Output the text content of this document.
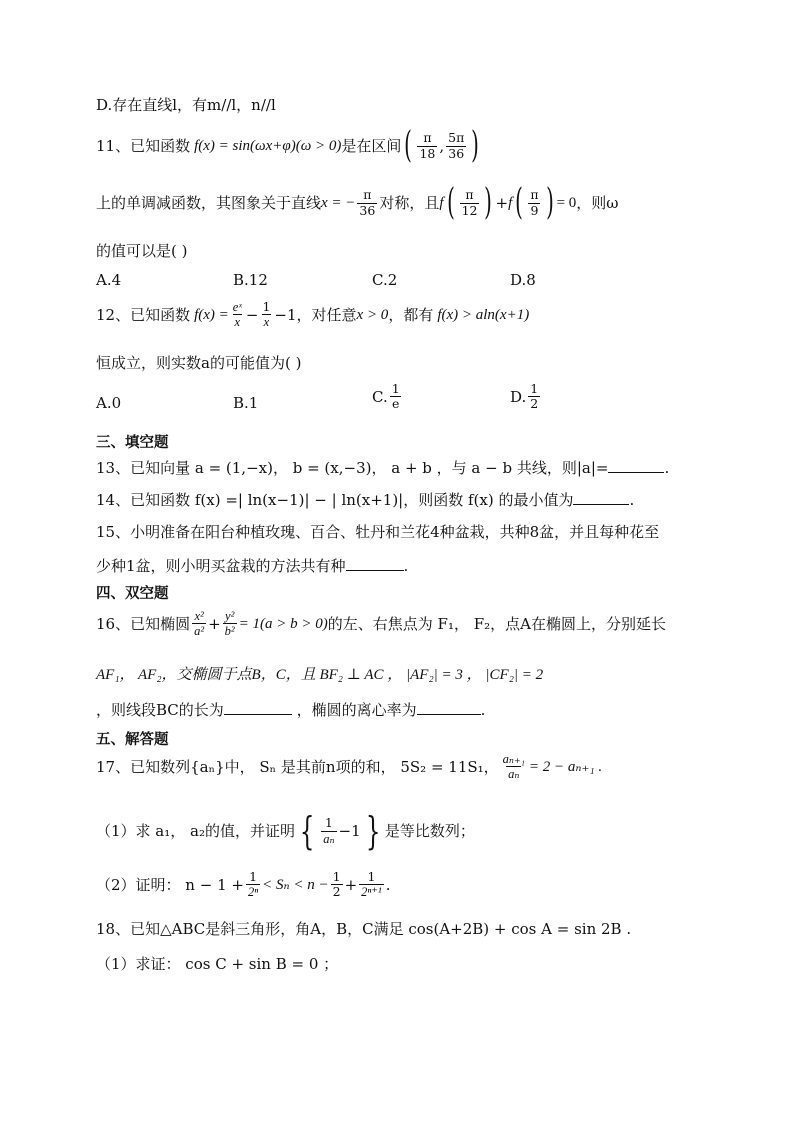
D.存在直线l，有m//l，n//l
11、已知函数 f(x) = sin(ωx+φ)(ω > 0) 是在区间 ( $\frac{\pi}{18}$ , $\frac{5\pi}{36}$ )
上的单调减函数，其图象关于直线 x = − $\frac{\pi}{36}$ 对称，且 f ( $\frac{\pi}{12}$ ) + f ( $\frac{\pi}{9}$ ) = 0 ，则ω
的值可以是( )
A.4	B.12	C.2	D.8
12、已知函数 $f(x) = \frac{\text{eˣ}}{x} - \frac{1}{x} -1$ ，对任意 x > 0 ，都有 f(x) > aln(x+1)
恒成立，则实数a的可能值为( )
A.0	B.1	C. $\frac{1}{e}$	D. $\frac{1}{2}$
三、填空题
13、已知向量 a = (1,−x)， b = (x,−3)， a + b ，与 a − b 共线，则|a|=	.
14、已知函数 f(x) =| ln(x−1)| − | ln(x+1)|，则函数 f(x) 的最小值为	.
15、小明准备在阳台种植玫瑰、百合、牡丹和兰花4种盆栽，共种8盆，并且每种花至
少种1盆，则小明买盆栽的方法共有种	.
四、双空题
16、已知椭圆 $\frac{\text{x²}}{\text{a²}} + \frac{\text{y²}}{\text{b²}} = 1(a > b > 0)$ 的左、右焦点为 F₁， F₂，点A在椭圆上，分别延长
AF₁， AF₂，交椭圆于点B，C，且 BF₂ ⊥ AC ， |AF₂| = 3 ， |CF₂| = 2
，则线段BC的长为	，椭圆的离心率为	.
五、解答题
17、已知数列{aₙ}中， Sₙ 是其前n项的和， 5S₂ = 11S₁， $\frac{\text{aₙ₊₁}}{\text{aₙ}} = 2 - a_{n+1}$ .
（1）求 a₁， a₂的值，并证明 { $\frac{1}{\text{aₙ}} -1$ } 是等比数列；
（2）证明： $n - 1 + \frac{1}{\text{2ⁿ}} < S_n < n - \frac{1}{2} + \frac{1}{\text{2ⁿ⁺¹}}$ .
18、已知△ABC是斜三角形，角A，B，C满足 cos(A+2B) + cos A = sin 2B .
（1）求证： cos C + sin B = 0 ；
